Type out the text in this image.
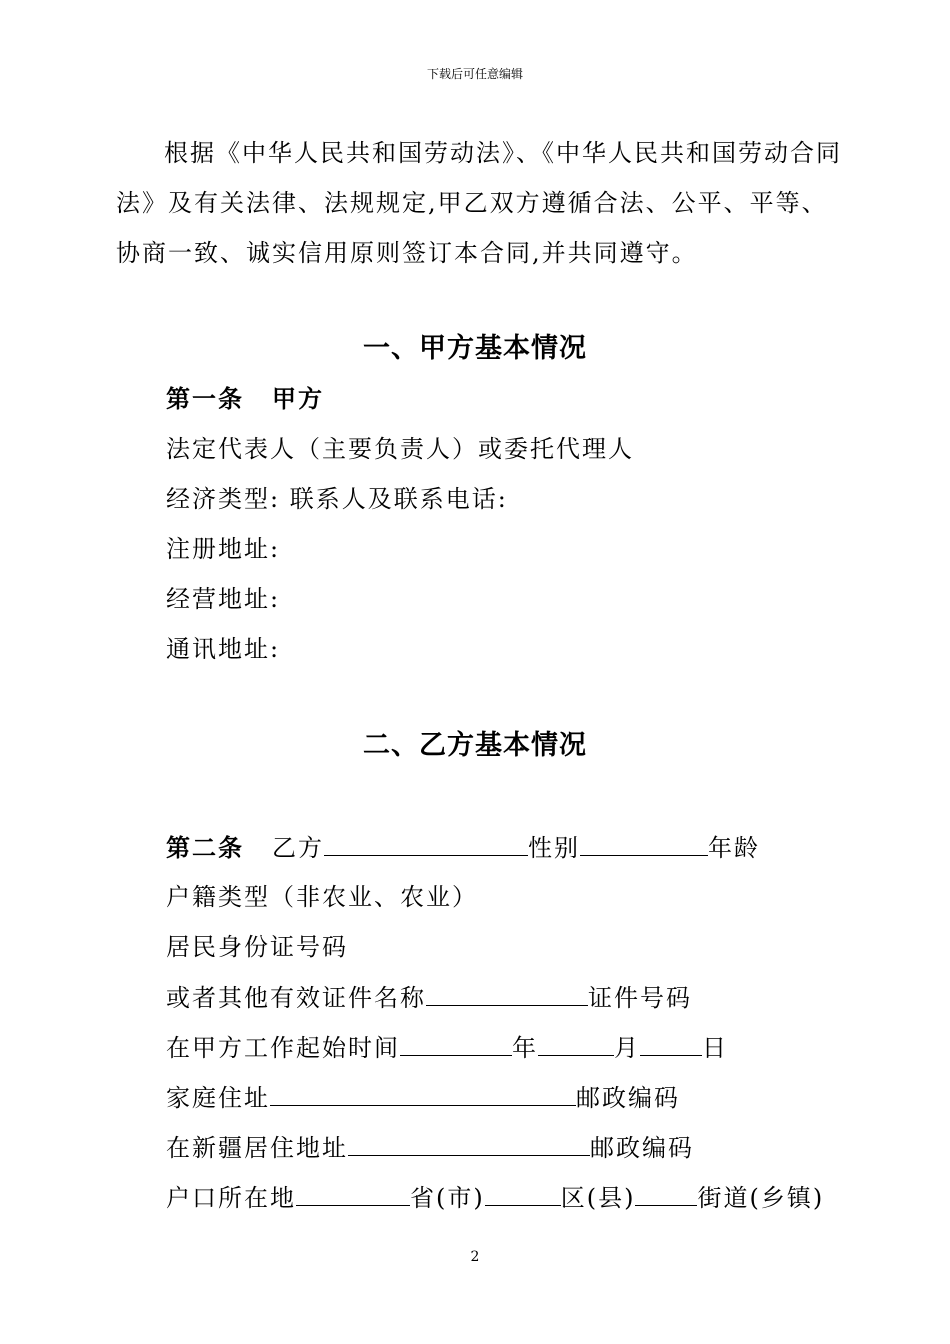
下载后可任意编辑

根据《中华人民共和国劳动法》、《中华人民共和国劳动合同法》及有关法律、法规规定,甲乙双方遵循合法、公平、平等、协商一致、诚实信用原则签订本合同,并共同遵守。

一、甲方基本情况
第一条 甲方
法定代表人（主要负责人）或委托代理人
经济类型: 联系人及联系电话:
注册地址:
经营地址:
通讯地址:
二、乙方基本情况
第二条 乙方	性别	年龄
户籍类型（非农业、农业）
居民身份证号码
或者其他有效证件名称	证件号码
在甲方工作起始时间	年	月	日
家庭住址	邮政编码
在新疆居住地址	邮政编码
户口所在地	省(市)	区(县)	街道(乡镇)
2
